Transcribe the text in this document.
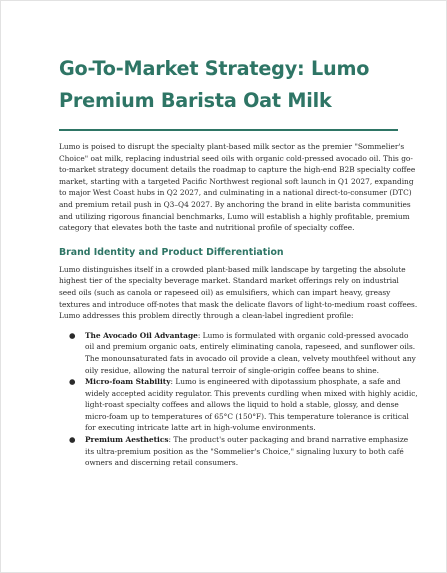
Go-To-Market Strategy: Lumo Premium Barista Oat Milk

Lumo is poised to disrupt the specialty plant-based milk sector as the premier "Sommelier's Choice" oat milk, replacing industrial seed oils with organic cold-pressed avocado oil. This go-to-market strategy document details the roadmap to capture the high-end B2B specialty coffee market, starting with a targeted Pacific Northwest regional soft launch in Q1 2027, expanding to major West Coast hubs in Q2 2027, and culminating in a national direct-to-consumer (DTC) and premium retail push in Q3–Q4 2027. By anchoring the brand in elite barista communities and utilizing rigorous financial benchmarks, Lumo will establish a highly profitable, premium category that elevates both the taste and nutritional profile of specialty coffee.

Brand Identity and Product Differentiation

Lumo distinguishes itself in a crowded plant-based milk landscape by targeting the absolute highest tier of the specialty beverage market. Standard market offerings rely on industrial seed oils (such as canola or rapeseed oil) as emulsifiers, which can impart heavy, greasy textures and introduce off-notes that mask the delicate flavors of light-to-medium roast coffees. Lumo addresses this problem directly through a clean-label ingredient profile:

● The Avocado Oil Advantage: Lumo is formulated with organic cold-pressed avocado oil and premium organic oats, entirely eliminating canola, rapeseed, and sunflower oils. The monounsaturated fats in avocado oil provide a clean, velvety mouthfeel without any oily residue, allowing the natural terroir of single-origin coffee beans to shine.
● Micro-foam Stability: Lumo is engineered with dipotassium phosphate, a safe and widely accepted acidity regulator. This prevents curdling when mixed with highly acidic, light-roast specialty coffees and allows the liquid to hold a stable, glossy, and dense micro-foam up to temperatures of 65°C (150°F). This temperature tolerance is critical for executing intricate latte art in high-volume environments.
● Premium Aesthetics: The product's outer packaging and brand narrative emphasize its ultra-premium position as the "Sommelier's Choice," signaling luxury to both café owners and discerning retail consumers.
